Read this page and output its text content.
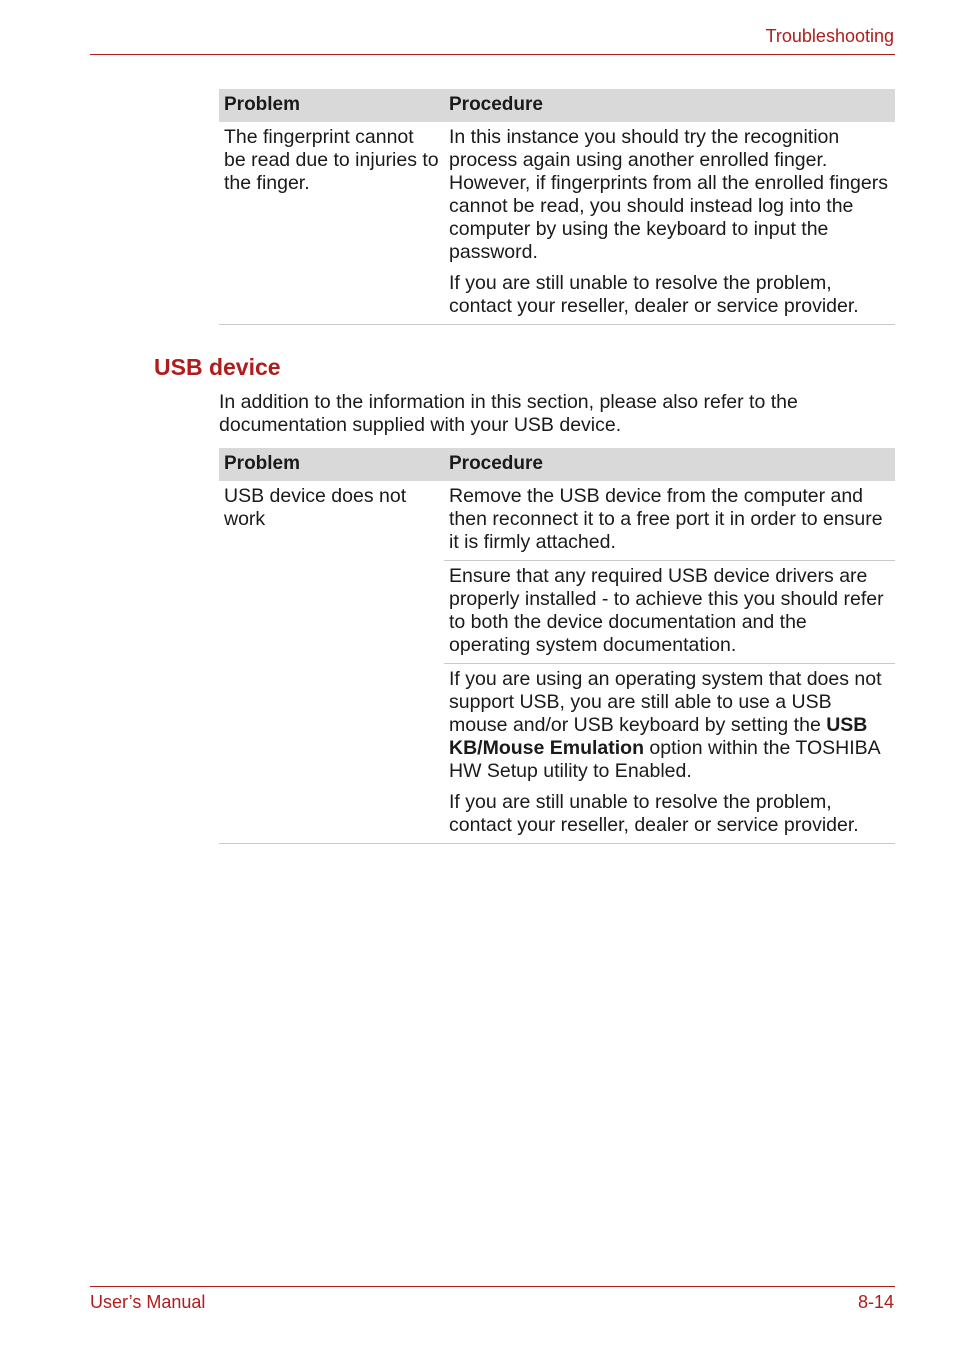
Troubleshooting
Problem	Procedure
The fingerprint cannot be read due to injuries to the finger.	In this instance you should try the recognition process again using another enrolled finger. However, if fingerprints from all the enrolled fingers cannot be read, you should instead log into the computer by using the keyboard to input the password.

If you are still unable to resolve the problem, contact your reseller, dealer or service provider.

USB device

In addition to the information in this section, please also refer to the documentation supplied with your USB device.

Problem	Procedure
USB device does not work	Remove the USB device from the computer and then reconnect it to a free port it in order to ensure it is firmly attached.

	Ensure that any required USB device drivers are properly installed - to achieve this you should refer to both the device documentation and the operating system documentation.

	If you are using an operating system that does not support USB, you are still able to use a USB mouse and/or USB keyboard by setting the USB KB/Mouse Emulation option within the TOSHIBA HW Setup utility to Enabled.

If you are still unable to resolve the problem, contact your reseller, dealer or service provider.

User’s Manual	8-14
